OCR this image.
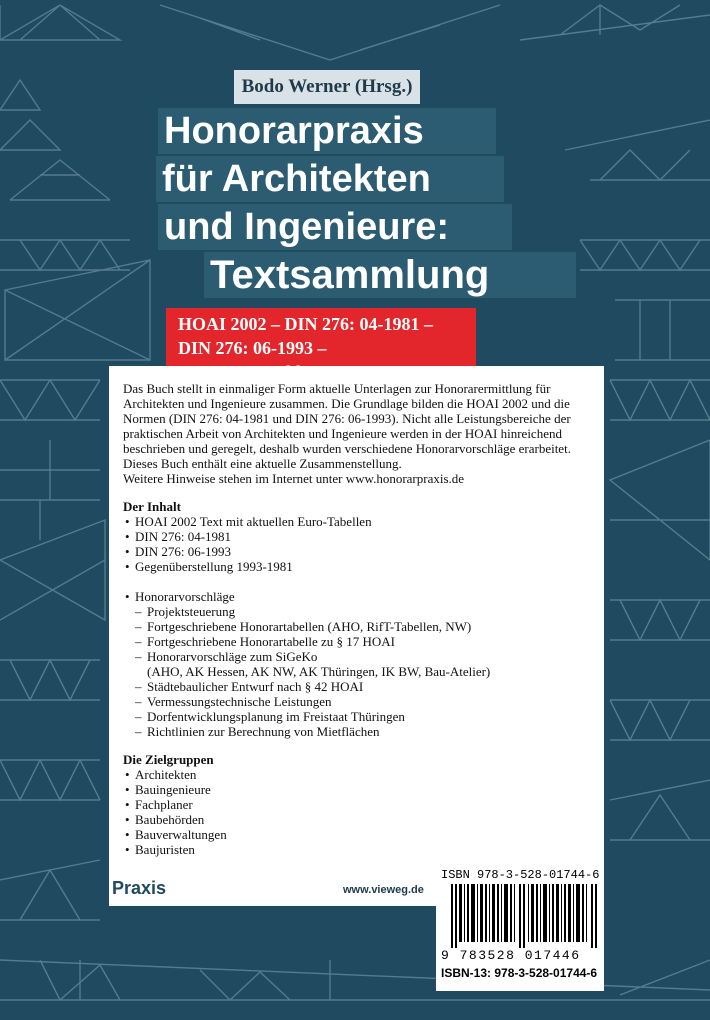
Bodo Werner (Hrsg.)
Honorarpraxis
für Architekten
und Ingenieure:
Textsammlung
HOAI 2002 – DIN 276: 04-1981 –
DIN 276: 06-1993 –

Das Buch stellt in einmaliger Form aktuelle Unterlagen zur Honorarermittlung für

Architekten und Ingenieure zusammen. Die Grundlage bilden die HOAI 2002 und die

Normen (DIN 276: 04-1981 und DIN 276: 06-1993). Nicht alle Leistungsbereiche der

praktischen Arbeit von Architekten und Ingenieure werden in der HOAI hinreichend

beschrieben und geregelt, deshalb wurden verschiedene Honorarvorschläge erarbeitet.

Dieses Buch enthält eine aktuelle Zusammenstellung.

Weitere Hinweise stehen im Internet unter www.honorarpraxis.de

Der Inhalt
• HOAI 2002 Text mit aktuellen Euro-Tabellen
• DIN 276: 04-1981
• DIN 276: 06-1993
• Gegenüberstellung 1993-1981
• Honorarvorschläge
– Projektsteuerung
– Fortgeschriebene Honorartabellen (AHO, RifT-Tabellen, NW)
– Fortgeschriebene Honorartabelle zu § 17 HOAI
– Honorarvorschläge zum SiGeKo
(AHO, AK Hessen, AK NW, AK Thüringen, IK BW, Bau-Atelier)
– Städtebaulicher Entwurf nach § 42 HOAI
– Vermessungstechnische Leistungen
– Dorfentwicklungsplanung im Freistaat Thüringen
– Richtlinien zur Berechnung von Mietflächen
Die Zielgruppen
• Architekten
• Bauingenieure
• Fachplaner
• Baubehörden
• Bauverwaltungen
• Baujuristen
Praxis	www.vieweg.de
ISBN 978-3-528-01744-6
9 783528 017446
ISBN-13: 978-3-528-01744-6
